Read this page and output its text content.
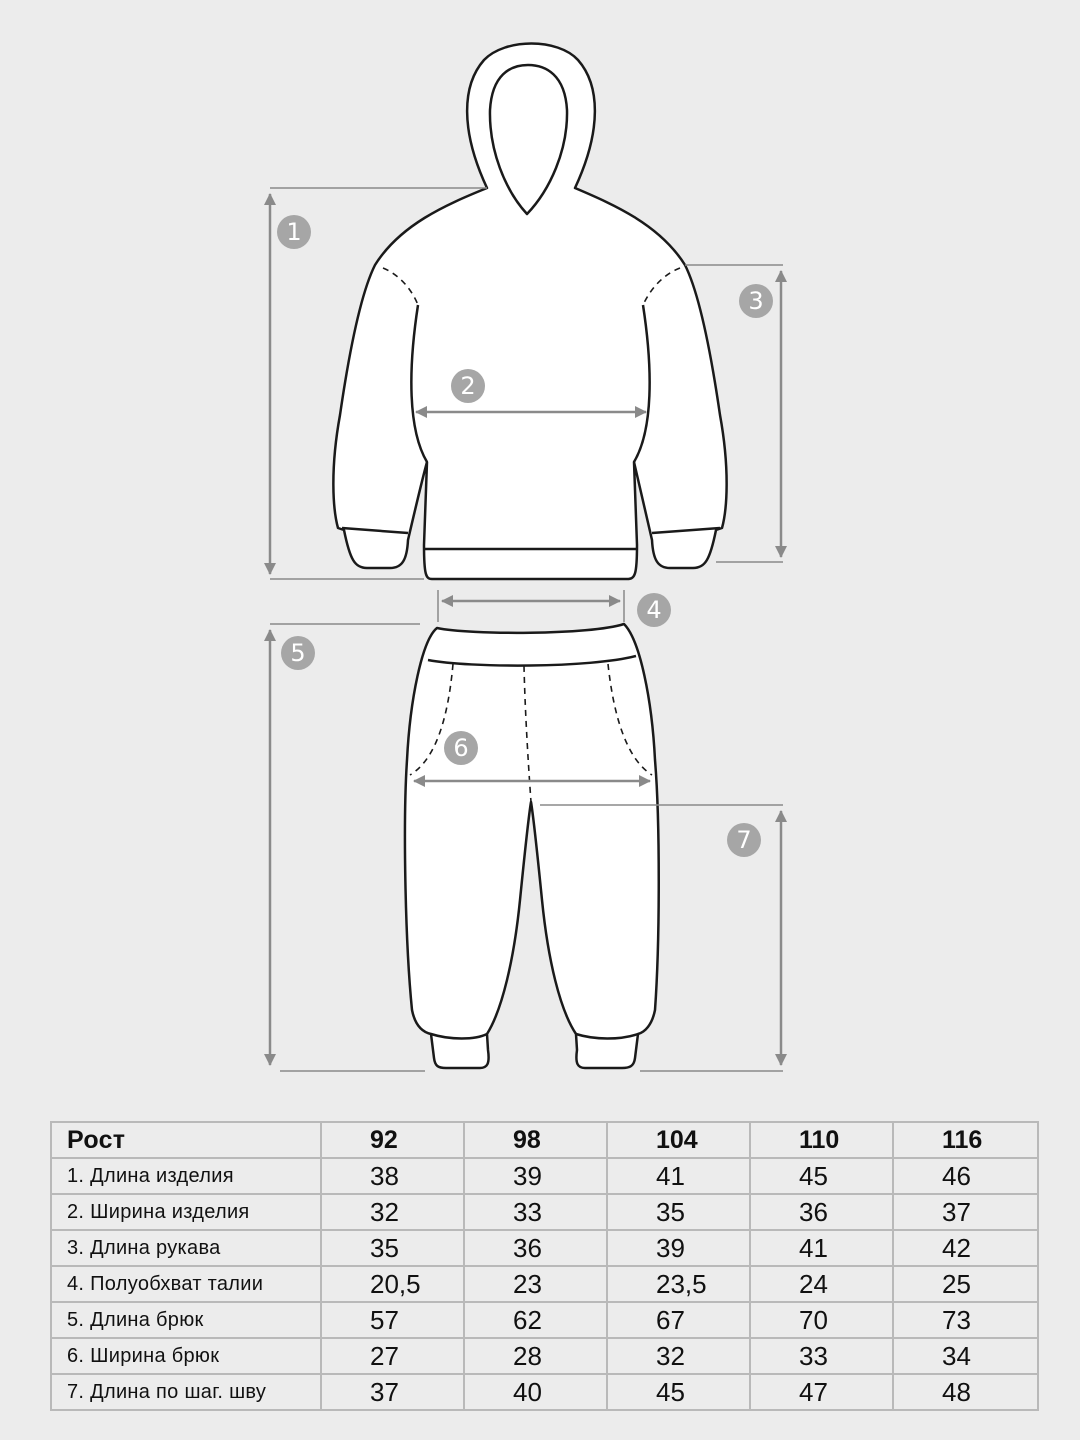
1
2
3
4
5
6
7
Рост	92	98	104	110	116
1. Длина изделия	38	39	41	45	46
2. Ширина изделия	32	33	35	36	37
3. Длина рукава	35	36	39	41	42
4. Полуобхват талии	20,5	23	23,5	24	25
5. Длина брюк	57	62	67	70	73
6. Ширина брюк	27	28	32	33	34
7. Длина по шаг. шву	37	40	45	47	48
